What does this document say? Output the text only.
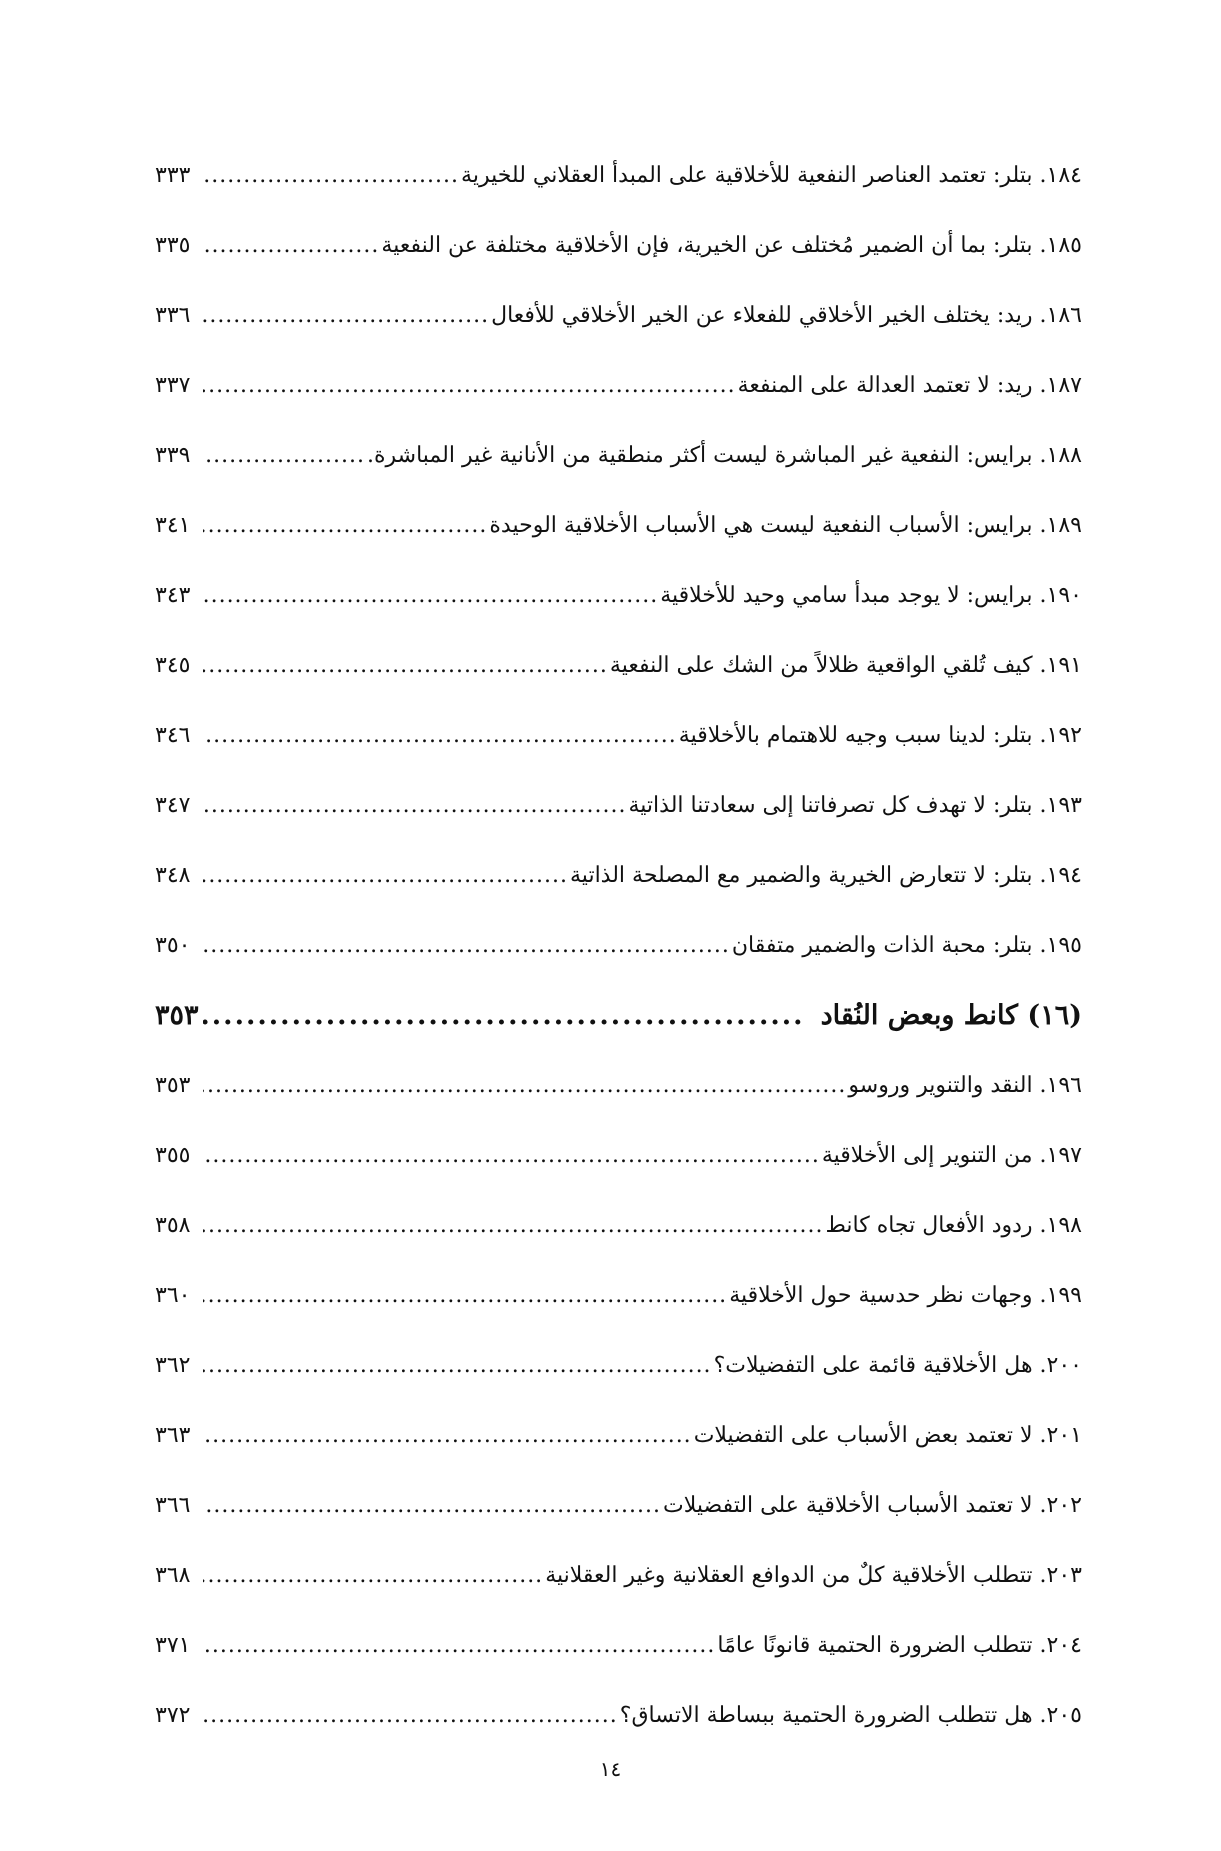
١٨٤. بتلر: تعتمد العناصر النفعية للأخلاقية على المبدأ العقلاني للخيرية
.....
٣٣٣
١٨٥. بتلر: بما أن الضمير مُختلف عن الخيرية، فإن الأخلاقية مختلفة عن النفعية
.....
٣٣٥
١٨٦. ريد: يختلف الخير الأخلاقي للفعلاء عن الخير الأخلاقي للأفعال
.....
٣٣٦
١٨٧. ريد: لا تعتمد العدالة على المنفعة
.....
٣٣٧
١٨٨. برايس: النفعية غير المباشرة ليست أكثر منطقية من الأنانية غير المباشرة.
.....
٣٣٩
١٨٩. برايس: الأسباب النفعية ليست هي الأسباب الأخلاقية الوحيدة
.....
٣٤١
١٩٠. برايس: لا يوجد مبدأ سامي وحيد للأخلاقية
.....
٣٤٣
١٩١. كيف تُلقي الواقعية ظلالاً من الشك على النفعية
.....
٣٤٥
١٩٢. بتلر: لدينا سبب وجيه للاهتمام بالأخلاقية
.....
٣٤٦
١٩٣. بتلر: لا تهدف كل تصرفاتنا إلى سعادتنا الذاتية
.....
٣٤٧
١٩٤. بتلر: لا تتعارض الخيرية والضمير مع المصلحة الذاتية
.....
٣٤٨
١٩٥. بتلر: محبة الذات والضمير متفقان
.....
٣٥٠
(١٦) كانط وبعض النُقاد
.....
٣٥٣
١٩٦. النقد والتنوير وروسو
.....
٣٥٣
١٩٧. من التنوير إلى الأخلاقية
.....
٣٥٥
١٩٨. ردود الأفعال تجاه كانط
.....
٣٥٨
١٩٩. وجهات نظر حدسية حول الأخلاقية
.....
٣٦٠
٢٠٠. هل الأخلاقية قائمة على التفضيلات؟
.....
٣٦٢
٢٠١. لا تعتمد بعض الأسباب على التفضيلات
.....
٣٦٣
٢٠٢. لا تعتمد الأسباب الأخلاقية على التفضيلات
.....
٣٦٦
٢٠٣. تتطلب الأخلاقية كلٌ من الدوافع العقلانية وغير العقلانية
.....
٣٦٨
٢٠٤. تتطلب الضرورة الحتمية قانونًا عامًا
.....
٣٧١
٢٠٥. هل تتطلب الضرورة الحتمية ببساطة الاتساق؟
.....
٣٧٢
١٤
